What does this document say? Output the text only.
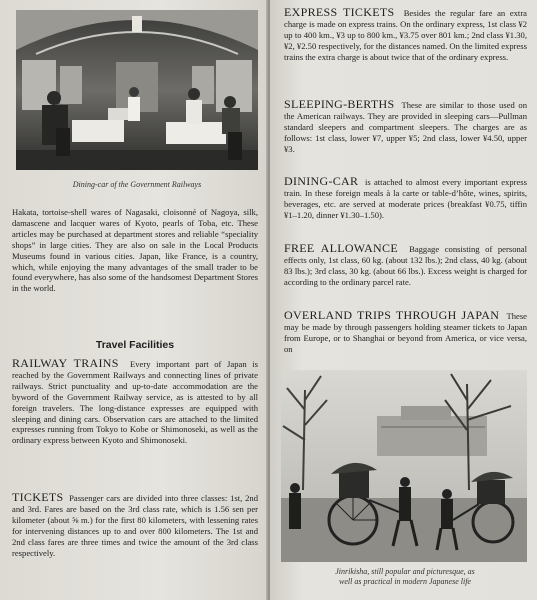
Dining-car of the Government Railways

Hakata, tortoise-shell wares of Nagasaki, cloisonné of Nagoya, silk, damascene and lacquer wares of Kyoto, pearls of Toba, etc. These articles may be purchased at department stores and reliable “speciality shops” in large cities. They are also on sale in the Local Products Museums found in various cities. Japan, like France, is a country, which, while enjoying the many advantages of the small trader to be found everywhere, has also some of the handsomest Department Stores in the world.

Travel Facilities

RAILWAY TRAINS Every important part of Japan is reached by the Government Railways and connecting lines of private railways. Strict punctuality and up-to-date accommodation are the byword of the Government Railway service, as is attested to by all foreign travelers. The long-distance expresses are equipped with sleeping and dining cars. Observation cars are attached to the limited expresses running from Tokyo to Kobe or Shimonoseki, as well as the ordinary express between Kyoto and Shimonoseki.

TICKETS Passenger cars are divided into three classes: 1st, 2nd and 3rd. Fares are based on the 3rd class rate, which is 1.56 sen per kilometer (about ⅝ m.) for the first 80 kilometers, with lessening rates for intervening distances up to and over 800 kilometers. The 1st and 2nd class fares are three times and twice the amount of the 3rd class respectively.

EXPRESS TICKETS Besides the regular fare an extra charge is made on express trains. On the ordinary express, 1st class ¥2 up to 400 km., ¥3 up to 800 km., ¥3.75 over 801 km.; 2nd class ¥1.30, ¥2, ¥2.50 respectively, for the distances named. On the limited express trains the extra charge is about twice that of the ordinary express.

SLEEPING-BERTHS These are similar to those used on the American railways. They are provided in sleeping cars—Pullman standard sleepers and compartment sleepers. The charges are as follows: 1st class, lower ¥7, upper ¥5; 2nd class, lower ¥4.50, upper ¥3.

DINING-CAR is attached to almost every important express train. In these foreign meals à la carte or table-d’hôte, wines, spirits, beverages, etc. are served at moderate prices (breakfast ¥0.75, tiffin ¥1–1.20, dinner ¥1.30–1.50).

FREE ALLOWANCE Baggage consisting of personal effects only, 1st class, 60 kg. (about 132 lbs.); 2nd class, 40 kg. (about 83 lbs.); 3rd class, 30 kg. (about 66 lbs.). Excess weight is charged for according to the ordinary parcel rate.

OVERLAND TRIPS THROUGH JAPAN These may be made by through passengers holding steamer tickets to Japan from Europe, or to Shanghai or beyond from America, or vice versa, on

Jinrikisha, still popular and picturesque, as well as practical in modern Japanese life
